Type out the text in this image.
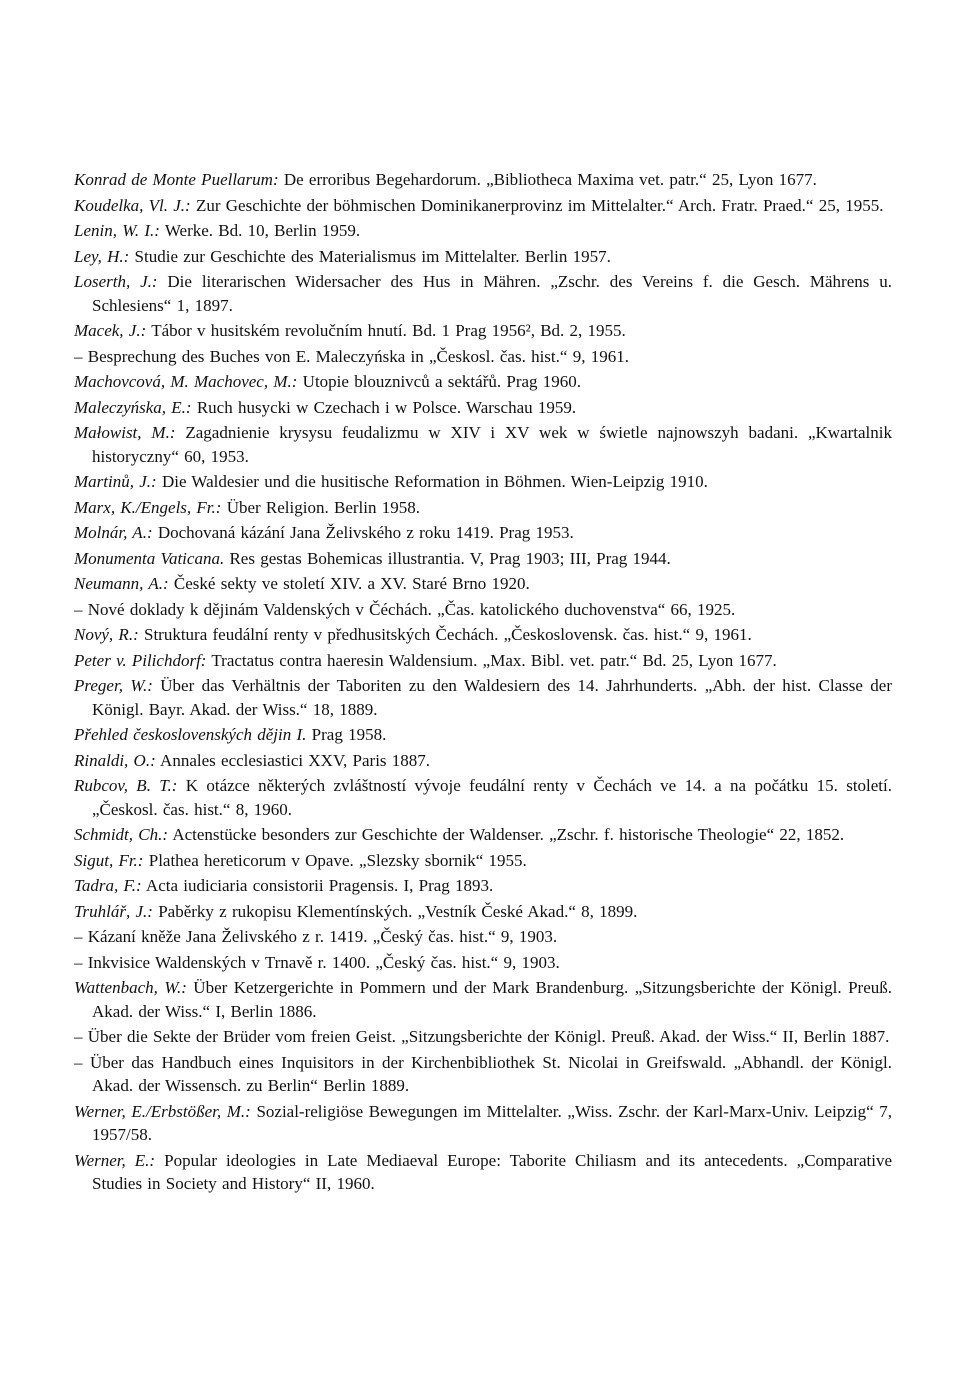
Konrad de Monte Puellarum: De erroribus Begehardorum. „Bibliotheca Maxima vet. patr.“ 25, Lyon 1677.

Koudelka, Vl. J.: Zur Geschichte der böhmischen Dominikanerprovinz im Mittelalter.“ Arch. Fratr. Praed.“ 25, 1955.

Lenin, W. I.: Werke. Bd. 10, Berlin 1959.

Ley, H.: Studie zur Geschichte des Materialismus im Mittelalter. Berlin 1957.

Loserth, J.: Die literarischen Widersacher des Hus in Mähren. „Zschr. des Vereins f. die Gesch. Mährens u. Schlesiens“ 1, 1897.

Macek, J.: Tábor v husitském revolučním hnutí. Bd. 1 Prag 1956², Bd. 2, 1955.

– Besprechung des Buches von E. Maleczyńska in „Českosl. čas. hist.“ 9, 1961.

Machovcová, M. Machovec, M.: Utopie blouznivců a sektářů. Prag 1960.

Maleczyńska, E.: Ruch husycki w Czechach i w Polsce. Warschau 1959.

Małowist, M.: Zagadnienie krysysu feudalizmu w XIV i XV wek w świetle najnowszyh badani. „Kwartalnik historyczny“ 60, 1953.

Martinů, J.: Die Waldesier und die husitische Reformation in Böhmen. Wien-Leipzig 1910.

Marx, K./Engels, Fr.: Über Religion. Berlin 1958.

Molnár, A.: Dochovaná kázání Jana Želivského z roku 1419. Prag 1953.

Monumenta Vaticana. Res gestas Bohemicas illustrantia. V, Prag 1903; III, Prag 1944.

Neumann, A.: České sekty ve století XIV. a XV. Staré Brno 1920.

– Nové doklady k dějinám Valdenských v Čéchách. „Čas. katolického duchovenstva“ 66, 1925.

Nový, R.: Struktura feudální renty v předhusitských Čechách. „Československ. čas. hist.“ 9, 1961.

Peter v. Pilichdorf: Tractatus contra haeresin Waldensium. „Max. Bibl. vet. patr.“ Bd. 25, Lyon 1677.

Preger, W.: Über das Verhältnis der Taboriten zu den Waldesiern des 14. Jahrhunderts. „Abh. der hist. Classe der Königl. Bayr. Akad. der Wiss.“ 18, 1889.

Přehled československých dějin I. Prag 1958.

Rinaldi, O.: Annales ecclesiastici XXV, Paris 1887.

Rubcov, B. T.: K otázce některých zvláštností vývoje feudální renty v Čechách ve 14. a na počátku 15. století. „Českosl. čas. hist.“ 8, 1960.

Schmidt, Ch.: Actenstücke besonders zur Geschichte der Waldenser. „Zschr. f. historische Theologie“ 22, 1852.

Sigut, Fr.: Plathea hereticorum v Opave. „Slezsky sbornik“ 1955.

Tadra, F.: Acta iudiciaria consistorii Pragensis. I, Prag 1893.

Truhlář, J.: Paběrky z rukopisu Klementínských. „Vestník České Akad.“ 8, 1899.

– Kázaní kněže Jana Želivského z r. 1419. „Český čas. hist.“ 9, 1903.

– Inkvisice Waldenských v Trnavě r. 1400. „Český čas. hist.“ 9, 1903.

Wattenbach, W.: Über Ketzergerichte in Pommern und der Mark Brandenburg. „Sitzungsberichte der Königl. Preuß. Akad. der Wiss.“ I, Berlin 1886.

– Über die Sekte der Brüder vom freien Geist. „Sitzungsberichte der Königl. Preuß. Akad. der Wiss.“ II, Berlin 1887.

– Über das Handbuch eines Inquisitors in der Kirchenbibliothek St. Nicolai in Greifswald. „Abhandl. der Königl. Akad. der Wissensch. zu Berlin“ Berlin 1889.

Werner, E./Erbstößer, M.: Sozial-religiöse Bewegungen im Mittelalter. „Wiss. Zschr. der Karl-Marx-Univ. Leipzig“ 7, 1957/58.

Werner, E.: Popular ideologies in Late Mediaeval Europe: Taborite Chiliasm and its antecedents. „Comparative Studies in Society and History“ II, 1960.
